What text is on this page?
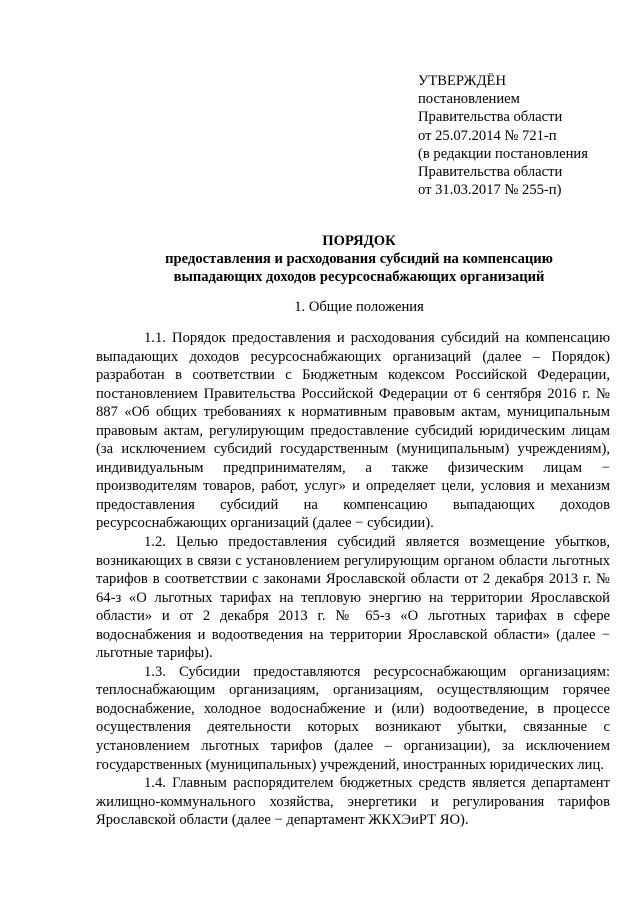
УТВЕРЖДЁН
постановлением
Правительства области
от 25.07.2014 № 721-п
(в редакции постановления
Правительства области
от 31.03.2017 № 255-п)
ПОРЯДОК
предоставления и расходования субсидий на компенсацию
выпадающих доходов ресурсоснабжающих организаций
1. Общие положения

1.1. Порядок предоставления и расходования субсидий на компенсацию выпадающих доходов ресурсоснабжающих организаций (далее – Порядок) разработан в соответствии с Бюджетным кодексом Российской Федерации, постановлением Правительства Российской Федерации от 6 сентября 2016 г. № 887 «Об общих требованиях к нормативным правовым актам, муниципальным правовым актам, регулирующим предоставление субсидий юридическим лицам (за исключением субсидий государственным (муниципальным) учреждениям), индивидуальным предпринимателям, а также физическим лицам − производителям товаров, работ, услуг» и определяет цели, условия и механизм предоставления субсидий на компенсацию выпадающих доходов ресурсоснабжающих организаций (далее − субсидии).

1.2. Целью предоставления субсидий является возмещение убытков, возникающих в связи с установлением регулирующим органом области льготных тарифов в соответствии с законами Ярославской области от 2 декабря 2013 г. № 64-з «О льготных тарифах на тепловую энергию на территории Ярославской области» и от 2 декабря 2013 г. № 65-з «О льготных тарифах в сфере водоснабжения и водоотведения на территории Ярославской области» (далее − льготные тарифы).

1.3. Субсидии предоставляются ресурсоснабжающим организациям: теплоснабжающим организациям, организациям, осуществляющим горячее водоснабжение, холодное водоснабжение и (или) водоотведение, в процессе осуществления деятельности которых возникают убытки, связанные с установлением льготных тарифов (далее – организации), за исключением государственных (муниципальных) учреждений, иностранных юридических лиц.

1.4. Главным распорядителем бюджетных средств является департамент жилищно-коммунального хозяйства, энергетики и регулирования тарифов Ярославской области (далее − департамент ЖКХЭиРТ ЯО).
